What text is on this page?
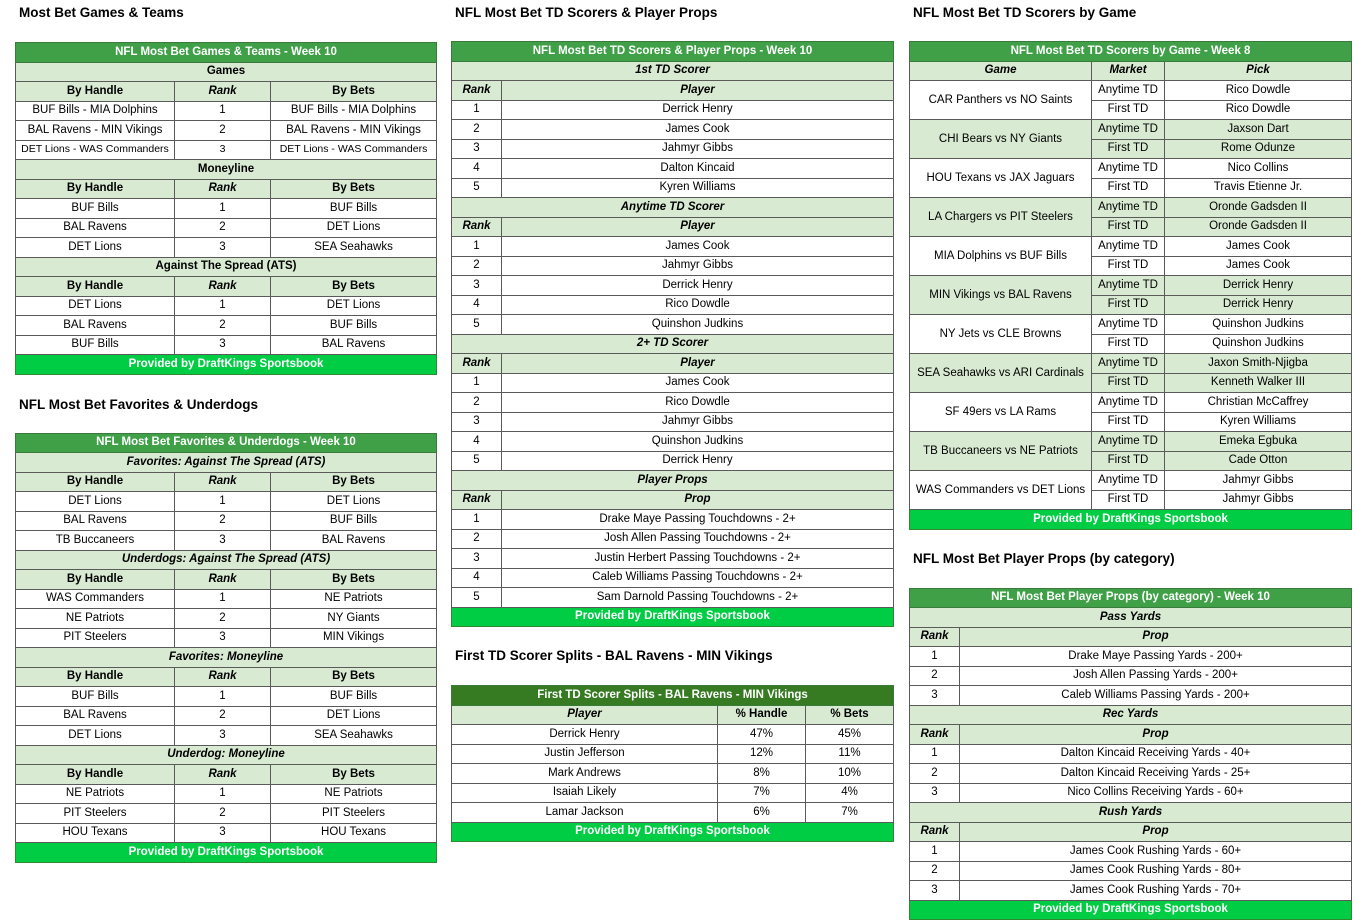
Most Bet Games & Teams
NFL Most Bet Games & Teams - Week 10		
Games		
By Handle	Rank	By Bets
BUF Bills - MIA Dolphins	1	BUF Bills - MIA Dolphins
BAL Ravens - MIN Vikings	2	BAL Ravens - MIN Vikings
DET Lions - WAS Commanders	3	DET Lions - WAS Commanders
Moneyline		
By Handle	Rank	By Bets
BUF Bills	1	BUF Bills
BAL Ravens	2	DET Lions
DET Lions	3	SEA Seahawks
Against The Spread (ATS)		
By Handle	Rank	By Bets
DET Lions	1	DET Lions
BAL Ravens	2	BUF Bills
BUF Bills	3	BAL Ravens
Provided by DraftKings Sportsbook		
NFL Most Bet Favorites & Underdogs
NFL Most Bet Favorites & Underdogs - Week 10		
Favorites: Against The Spread (ATS)		
By Handle	Rank	By Bets
DET Lions	1	DET Lions
BAL Ravens	2	BUF Bills
TB Buccaneers	3	BAL Ravens
Underdogs: Against The Spread (ATS)		
By Handle	Rank	By Bets
WAS Commanders	1	NE Patriots
NE Patriots	2	NY Giants
PIT Steelers	3	MIN Vikings
Favorites: Moneyline		
By Handle	Rank	By Bets
BUF Bills	1	BUF Bills
BAL Ravens	2	DET Lions
DET Lions	3	SEA Seahawks
Underdog: Moneyline		
By Handle	Rank	By Bets
NE Patriots	1	NE Patriots
PIT Steelers	2	PIT Steelers
HOU Texans	3	HOU Texans
Provided by DraftKings Sportsbook		
NFL Most Bet TD Scorers & Player Props
NFL Most Bet TD Scorers & Player Props - Week 10	
1st TD Scorer	
Rank	Player
1	Derrick Henry
2	James Cook
3	Jahmyr Gibbs
4	Dalton Kincaid
5	Kyren Williams
Anytime TD Scorer	
Rank	Player
1	James Cook
2	Jahmyr Gibbs
3	Derrick Henry
4	Rico Dowdle
5	Quinshon Judkins
2+ TD Scorer	
Rank	Player
1	James Cook
2	Rico Dowdle
3	Jahmyr Gibbs
4	Quinshon Judkins
5	Derrick Henry
Player Props	
Rank	Prop
1	Drake Maye Passing Touchdowns - 2+
2	Josh Allen Passing Touchdowns - 2+
3	Justin Herbert Passing Touchdowns - 2+
4	Caleb Williams Passing Touchdowns - 2+
5	Sam Darnold Passing Touchdowns - 2+
Provided by DraftKings Sportsbook	
First TD Scorer Splits - BAL Ravens - MIN Vikings
First TD Scorer Splits - BAL Ravens - MIN Vikings		
Player	% Handle	% Bets
Derrick Henry	47%	45%
Justin Jefferson	12%	11%
Mark Andrews	8%	10%
Isaiah Likely	7%	4%
Lamar Jackson	6%	7%
Provided by DraftKings Sportsbook		
NFL Most Bet TD Scorers by Game
NFL Most Bet TD Scorers by Game - Week 8		
Game	Market	Pick
CAR Panthers vs NO Saints	Anytime TD	Rico Dowdle
	First TD	Rico Dowdle
CHI Bears vs NY Giants	Anytime TD	Jaxson Dart
	First TD	Rome Odunze
HOU Texans vs JAX Jaguars	Anytime TD	Nico Collins
	First TD	Travis Etienne Jr.
LA Chargers vs PIT Steelers	Anytime TD	Oronde Gadsden II
	First TD	Oronde Gadsden II
MIA Dolphins vs BUF Bills	Anytime TD	James Cook
	First TD	James Cook
MIN Vikings vs BAL Ravens	Anytime TD	Derrick Henry
	First TD	Derrick Henry
NY Jets vs CLE Browns	Anytime TD	Quinshon Judkins
	First TD	Quinshon Judkins
SEA Seahawks vs ARI Cardinals	Anytime TD	Jaxon Smith-Njigba
	First TD	Kenneth Walker III
SF 49ers vs LA Rams	Anytime TD	Christian McCaffrey
	First TD	Kyren Williams
TB Buccaneers vs NE Patriots	Anytime TD	Emeka Egbuka
	First TD	Cade Otton
WAS Commanders vs DET Lions	Anytime TD	Jahmyr Gibbs
	First TD	Jahmyr Gibbs
Provided by DraftKings Sportsbook		
NFL Most Bet Player Props (by category)
NFL Most Bet Player Props (by category) - Week 10	
Pass Yards	
Rank	Prop
1	Drake Maye Passing Yards - 200+
2	Josh Allen Passing Yards - 200+
3	Caleb Williams Passing Yards - 200+
Rec Yards	
Rank	Prop
1	Dalton Kincaid Receiving Yards - 40+
2	Dalton Kincaid Receiving Yards - 25+
3	Nico Collins Receiving Yards - 60+
Rush Yards	
Rank	Prop
1	James Cook Rushing Yards - 60+
2	James Cook Rushing Yards - 80+
3	James Cook Rushing Yards - 70+
Provided by DraftKings Sportsbook	
